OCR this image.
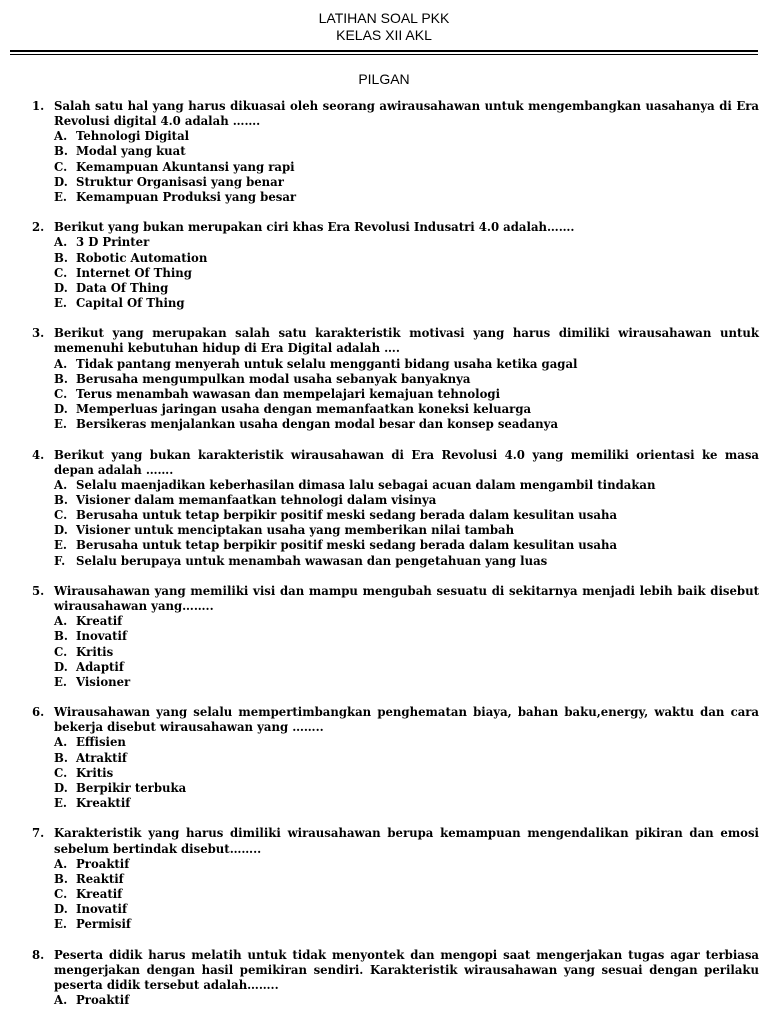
LATIHAN SOAL PKK
KELAS XII AKL
PILGAN
1. Salah satu hal yang harus dikuasai oleh seorang awirausahawan untuk mengembangkan uasahanya di Era Revolusi digital 4.0 adalah …….
A. Tehnologi Digital
B. Modal yang kuat
C. Kemampuan Akuntansi yang rapi
D. Struktur Organisasi yang benar
E. Kemampuan Produksi yang besar
2. Berikut yang bukan merupakan ciri khas Era Revolusi Indusatri 4.0 adalah…….
A. 3 D Printer
B. Robotic Automation
C. Internet Of Thing
D. Data Of Thing
E. Capital Of Thing
3. Berikut yang merupakan salah satu karakteristik motivasi yang harus dimiliki wirausahawan untuk memenuhi kebutuhan hidup di Era Digital adalah ….
A. Tidak pantang menyerah untuk selalu mengganti bidang usaha ketika gagal
B. Berusaha mengumpulkan modal usaha sebanyak banyaknya
C. Terus menambah wawasan dan mempelajari kemajuan tehnologi
D. Memperluas jaringan usaha dengan memanfaatkan koneksi keluarga
E. Bersikeras menjalankan usaha dengan modal besar dan konsep seadanya
4. Berikut yang bukan karakteristik wirausahawan di Era Revolusi 4.0 yang memiliki orientasi ke masa depan adalah …….
A. Selalu maenjadikan keberhasilan dimasa lalu sebagai acuan dalam mengambil tindakan
B. Visioner dalam memanfaatkan tehnologi dalam visinya
C. Berusaha untuk tetap berpikir positif meski sedang berada dalam kesulitan usaha
D. Visioner untuk menciptakan usaha yang memberikan nilai tambah
E. Berusaha untuk tetap berpikir positif meski sedang berada dalam kesulitan usaha
F. Selalu berupaya untuk menambah wawasan dan pengetahuan yang luas
5. Wirausahawan yang memiliki visi dan mampu mengubah sesuatu di sekitarnya menjadi lebih baik disebut wirausahawan yang……..
A. Kreatif
B. Inovatif
C. Kritis
D. Adaptif
E. Visioner
6. Wirausahawan yang selalu mempertimbangkan penghematan biaya, bahan baku,energy, waktu dan cara bekerja disebut wirausahawan yang ……..
A. Effisien
B. Atraktif
C. Kritis
D. Berpikir terbuka
E. Kreaktif
7. Karakteristik yang harus dimiliki wirausahawan berupa kemampuan mengendalikan pikiran dan emosi sebelum bertindak disebut……..
A. Proaktif
B. Reaktif
C. Kreatif
D. Inovatif
E. Permisif
8. Peserta didik harus melatih untuk tidak menyontek dan mengopi saat mengerjakan tugas agar terbiasa mengerjakan dengan hasil pemikiran sendiri. Karakteristik wirausahawan yang sesuai dengan perilaku peserta didik tersebut adalah……..
A. Proaktif
